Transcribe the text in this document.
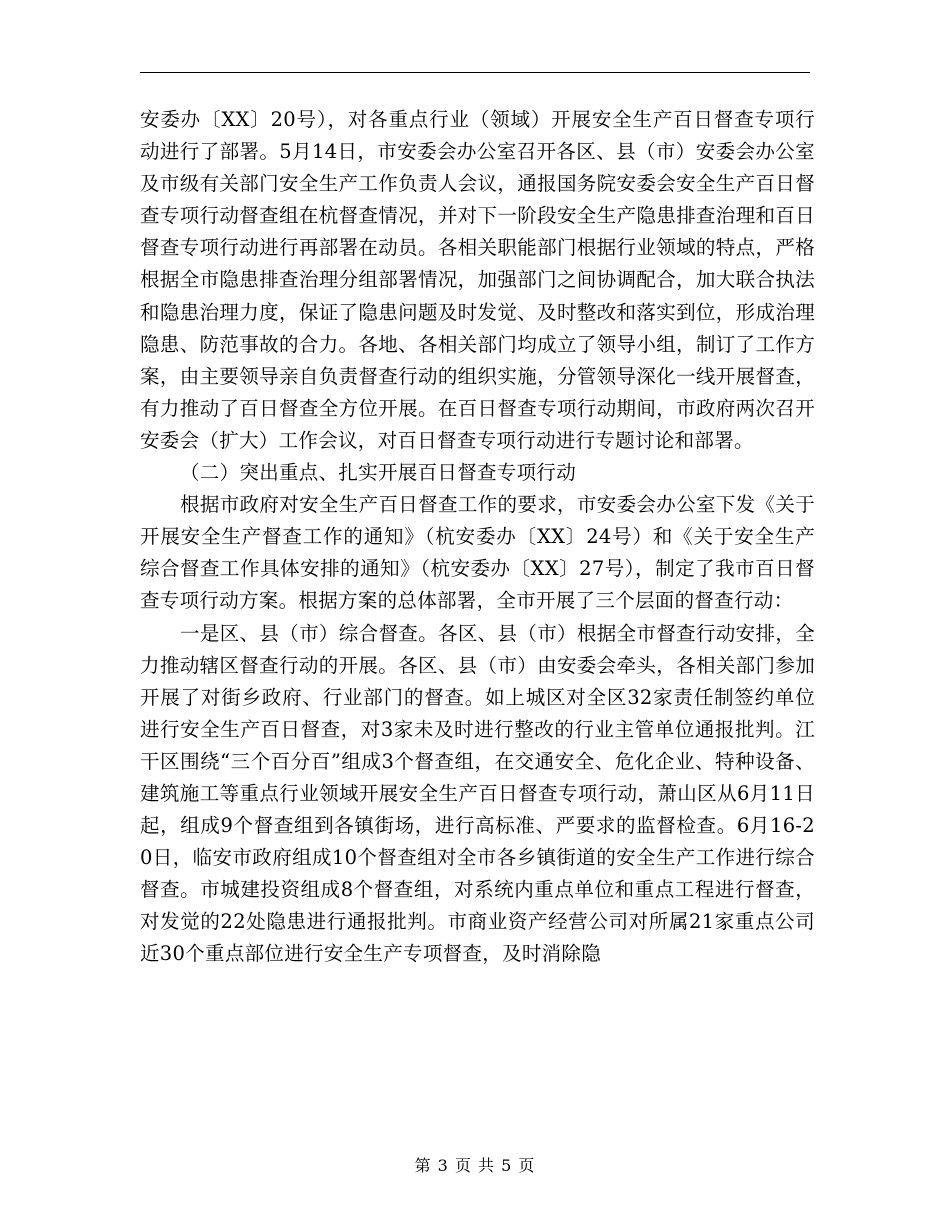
安委办〔XX〕20号），对各重点行业（领域）开展安全生产百日督查专项行动进行了部署。5月14日，市安委会办公室召开各区、县（市）安委会办公室及市级有关部门安全生产工作负责人会议，通报国务院安委会安全生产百日督查专项行动督查组在杭督查情况，并对下一阶段安全生产隐患排查治理和百日督查专项行动进行再部署在动员。各相关职能部门根据行业领域的特点，严格根据全市隐患排查治理分组部署情况，加强部门之间协调配合，加大联合执法和隐患治理力度，保证了隐患问题及时发觉、及时整改和落实到位，形成治理隐患、防范事故的合力。各地、各相关部门均成立了领导小组，制订了工作方案，由主要领导亲自负责督查行动的组织实施，分管领导深化一线开展督查，有力推动了百日督查全方位开展。在百日督查专项行动期间，市政府两次召开安委会（扩大）工作会议，对百日督查专项行动进行专题讨论和部署。

（二）突出重点、扎实开展百日督查专项行动

根据市政府对安全生产百日督查工作的要求，市安委会办公室下发《关于开展安全生产督查工作的通知》（杭安委办〔XX〕24号）和《关于安全生产综合督查工作具体安排的通知》（杭安委办〔XX〕27号），制定了我市百日督查专项行动方案。根据方案的总体部署，全市开展了三个层面的督查行动：

一是区、县（市）综合督查。各区、县（市）根据全市督查行动安排，全力推动辖区督查行动的开展。各区、县（市）由安委会牵头，各相关部门参加开展了对街乡政府、行业部门的督查。如上城区对全区32家责任制签约单位进行安全生产百日督查，对3家未及时进行整改的行业主管单位通报批判。江干区围绕“三个百分百”组成3个督查组，在交通安全、危化企业、特种设备、建筑施工等重点行业领域开展安全生产百日督查专项行动，萧山区从6月11日起，组成9个督查组到各镇街场，进行高标准、严要求的监督检查。6月16-20日，临安市政府组成10个督查组对全市各乡镇街道的安全生产工作进行综合督查。市城建投资组成8个督查组，对系统内重点单位和重点工程进行督查，对发觉的22处隐患进行通报批判。市商业资产经营公司对所属21家重点公司近30个重点部位进行安全生产专项督查，及时消除隐

第 3 页 共 5 页
